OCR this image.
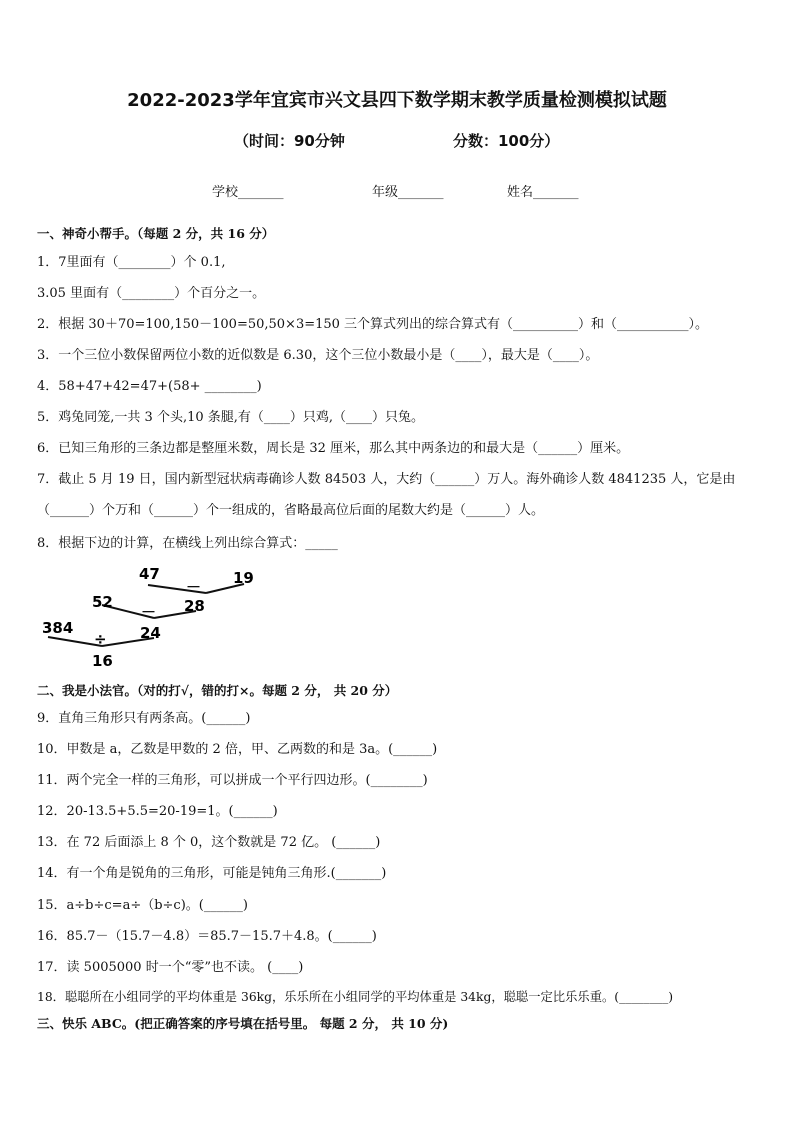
2022-2023学年宜宾市兴文县四下数学期末教学质量检测模拟试题
（时间：90分钟	分数：100分）
学校_______	年级_______	姓名_______
一、神奇小帮手。（每题 2 分，共 16 分）
1．7里面有（________）个 0.1,
3.05 里面有（________）个百分之一。
2．根据 30＋70=100,150－100=50,50×3=150 三个算式列出的综合算式有（__________）和（___________）。
3．一个三位小数保留两位小数的近似数是 6.30，这个三位小数最小是（____），最大是（____）。
4．58+47+42=47+(58+ ________)
5．鸡兔同笼,一共 3 个头,10 条腿,有（____）只鸡,（____）只兔。
6．已知三角形的三条边都是整厘米数，周长是 32 厘米，那么其中两条边的和最大是（______）厘米。
7．截止 5 月 19 日，国内新型冠状病毒确诊人数 84503 人，大约（______）万人。海外确诊人数 4841235 人，它是由
（______）个万和（______）个一组成的，省略最高位后面的尾数大约是（______）人。
8．根据下边的计算，在横线上列出综合算式：_____
47
－ 19
52	28
－
384
÷ 24
16
二、我是小法官。（对的打√，错的打×。每题 2 分， 共 20 分）
9．直角三角形只有两条高。(______)
10．甲数是 a，乙数是甲数的 2 倍，甲、乙两数的和是 3a。(______)
11．两个完全一样的三角形，可以拼成一个平行四边形。(________)
12．20-13.5+5.5=20-19=1。(______)
13．在 72 后面添上 8 个 0，这个数就是 72 亿。 (______)
14．有一个角是锐角的三角形，可能是钝角三角形.(_______)
15．a÷b÷c=a÷（b÷c)。(______)
16．85.7－（15.7－4.8）＝85.7－15.7＋4.8。(______)
17．读 5005000 时一个“零”也不读。 (____)
18．聪聪所在小组同学的平均体重是 36kg，乐乐所在小组同学的平均体重是 34kg，聪聪一定比乐乐重。(________)
三、快乐 ABC。(把正确答案的序号填在括号里。 每题 2 分， 共 10 分)
